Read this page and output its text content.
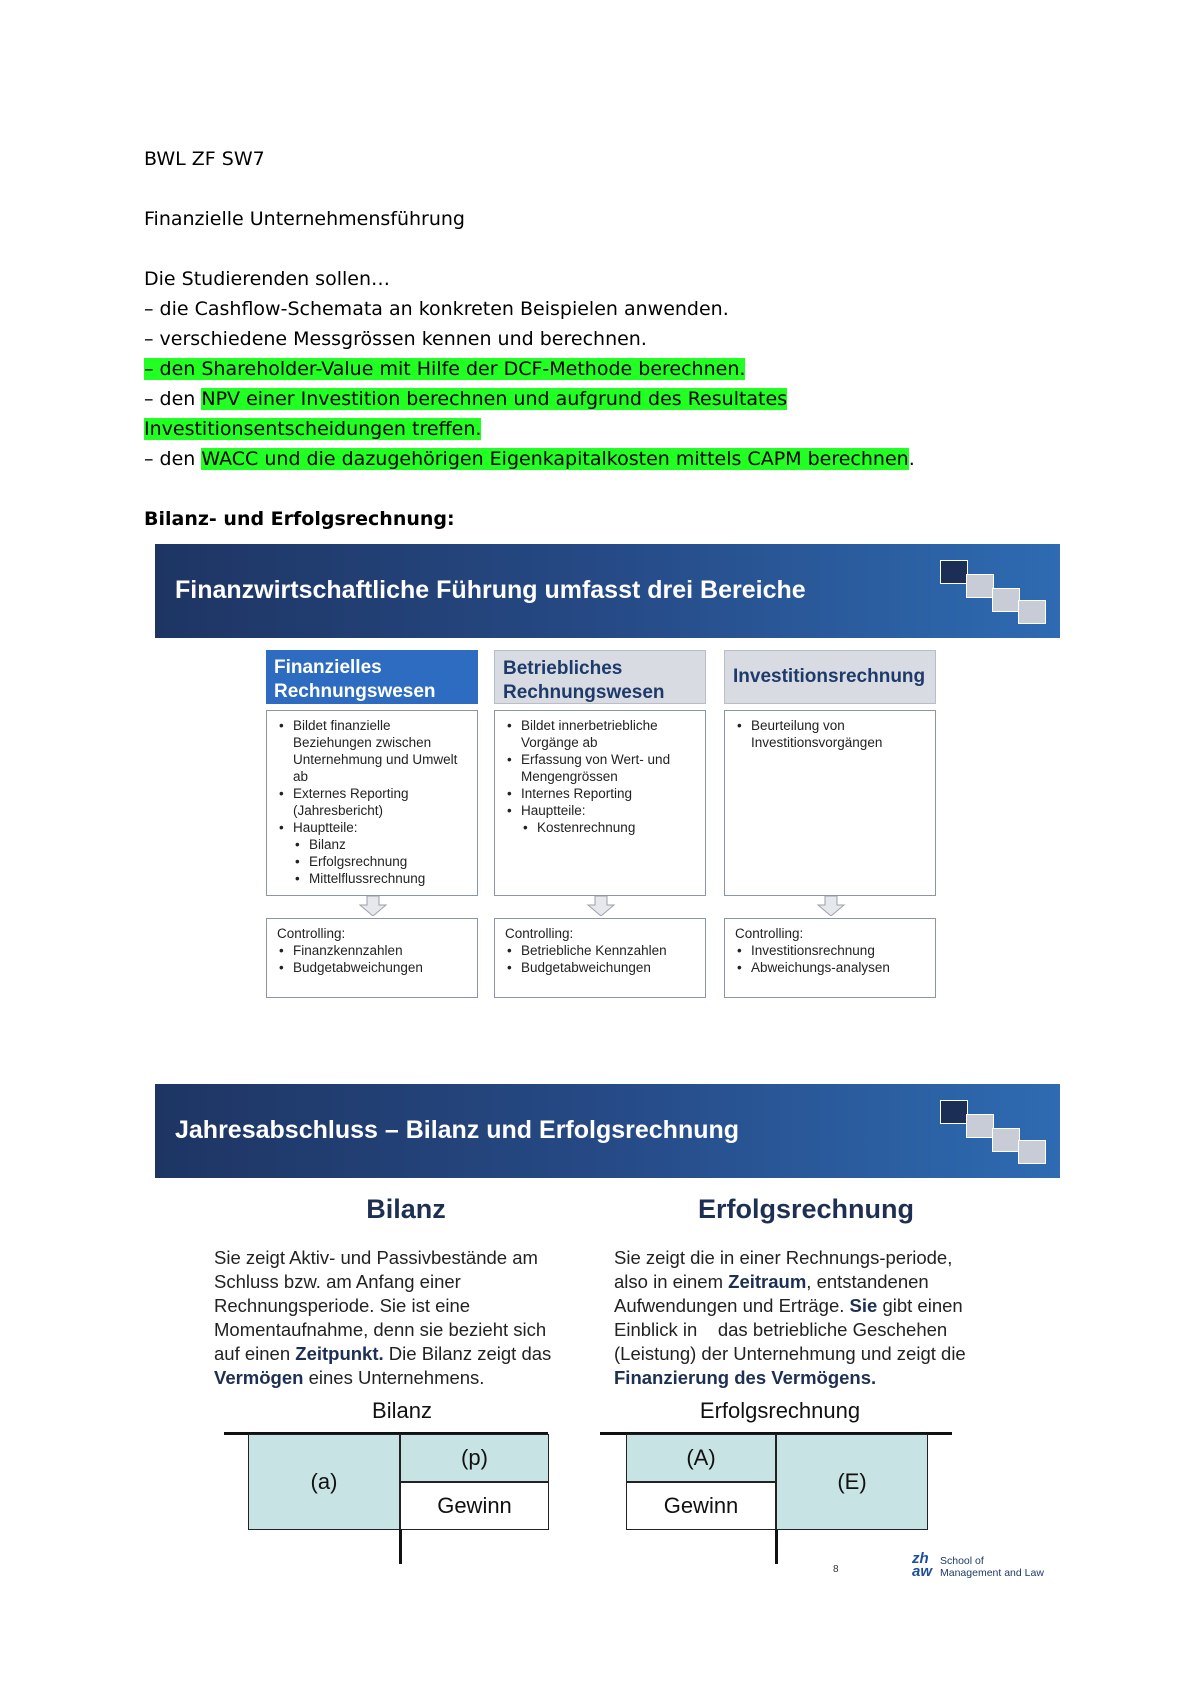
BWL ZF SW7
Finanzielle Unternehmensführung
Die Studierenden sollen…
– die Cashflow-Schemata an konkreten Beispielen anwenden.
– verschiedene Messgrössen kennen und berechnen.
– den Shareholder-Value mit Hilfe der DCF-Methode berechnen.
– den NPV einer Investition berechnen und aufgrund des Resultates
Investitionsentscheidungen treffen.
– den WACC und die dazugehörigen Eigenkapitalkosten mittels CAPM berechnen.
Bilanz- und Erfolgsrechnung:
Finanzwirtschaftliche Führung umfasst drei Bereiche
Finanzielles Rechnungswesen
• Bildet finanzielle Beziehungen zwischen Unternehmung und Umwelt ab
• Externes Reporting (Jahresbericht)
• Hauptteile:
• Bilanz
• Erfolgsrechnung
• Mittelflussrechnung
Controlling:
• Finanzkennzahlen
• Budgetabweichungen
Betriebliches Rechnungswesen
• Bildet innerbetriebliche Vorgänge ab
• Erfassung von Wert- und Mengengrössen
• Internes Reporting
• Hauptteile:
• Kostenrechnung
Controlling:
• Betriebliche Kennzahlen
• Budgetabweichungen
Investitionsrechnung
• Beurteilung von Investitionsvorgängen
Controlling:
• Investitionsrechnung
• Abweichungs-analysen
Jahresabschluss – Bilanz und Erfolgsrechnung
Bilanz	Erfolgsrechnung
Sie zeigt Aktiv- und Passivbestände am
Schluss bzw. am Anfang einer
Rechnungsperiode. Sie ist eine
Momentaufnahme, denn sie bezieht sich
auf einen Zeitpunkt. Die Bilanz zeigt das
Vermögen eines Unternehmens.
Sie zeigt die in einer Rechnungs-periode,
also in einem Zeitraum, entstandenen
Aufwendungen und Erträge. Sie gibt einen
Einblick in    das betriebliche Geschehen
(Leistung) der Unternehmung und zeigt die
Finanzierung des Vermögens.
Bilanz
(a)
(p)
Gewinn
Erfolgsrechnung
(A)
Gewinn
(E)
8
zh aw
School of
Management and Law
